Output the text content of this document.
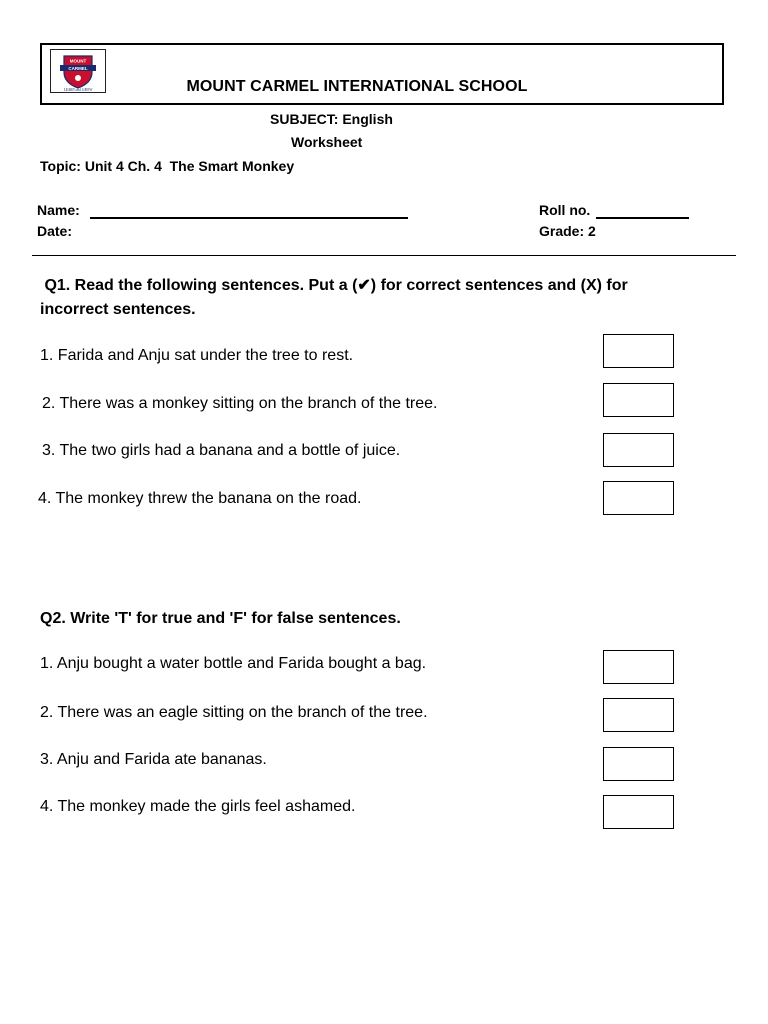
MOUNT
CARMEL
LEARN and GROW	MOUNT CARMEL INTERNATIONAL SCHOOL
SUBJECT: English
Worksheet
Topic: Unit 4 Ch. 4  The Smart Monkey
Name:
Date:
Roll no.
Grade: 2
Q1. Read the following sentences. Put a (✔) for correct sentences and (X) for
incorrect sentences.
1. Farida and Anju sat under the tree to rest.
2. There was a monkey sitting on the branch of the tree.
3. The two girls had a banana and a bottle of juice.
4. The monkey threw the banana on the road.
Q2. Write 'T' for true and 'F' for false sentences.
1. Anju bought a water bottle and Farida bought a bag.
2. There was an eagle sitting on the branch of the tree.
3. Anju and Farida ate bananas.
4. The monkey made the girls feel ashamed.
